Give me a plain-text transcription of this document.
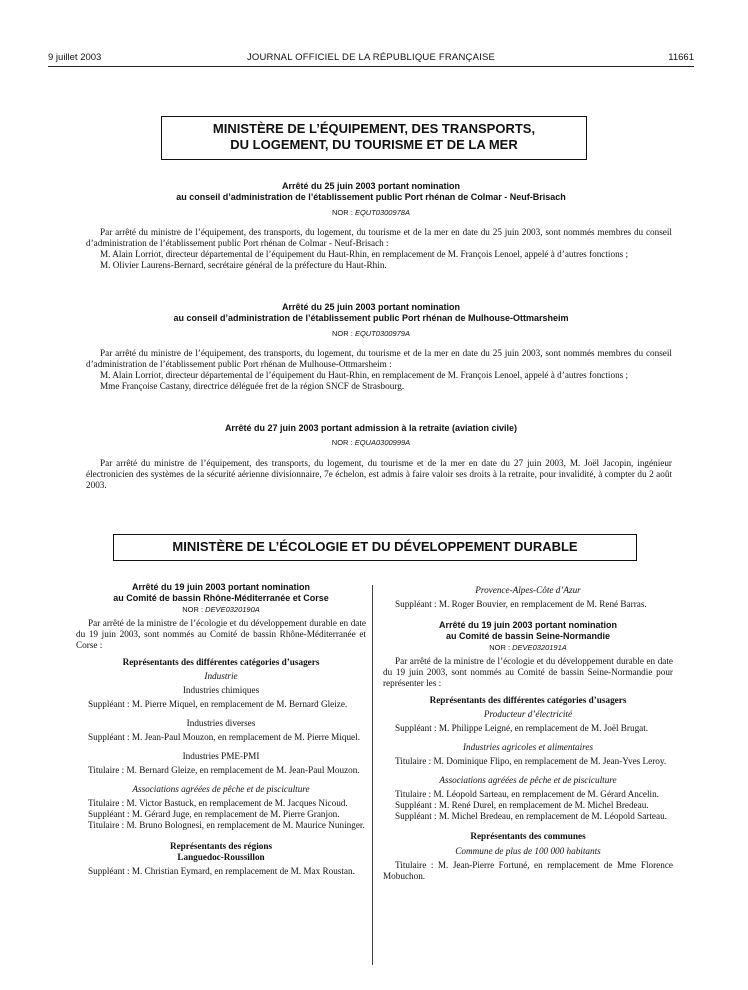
9 juillet 2003	JOURNAL OFFICIEL DE LA RÉPUBLIQUE FRANÇAISE	11661
MINISTÈRE DE L’ÉQUIPEMENT, DES TRANSPORTS,
DU LOGEMENT, DU TOURISME ET DE LA MER
Arrêté du 25 juin 2003 portant nomination
au conseil d’administration de l’établissement public Port rhénan de Colmar - Neuf-Brisach
NOR : EQUT0300978A

Par arrêté du ministre de l’équipement, des transports, du logement, du tourisme et de la mer en date du 25 juin 2003, sont nommés membres du conseil d’administration de l’établissement public Port rhénan de Colmar - Neuf-Brisach :

M. Alain Lorriot, directeur départemental de l’équipement du Haut-Rhin, en remplacement de M. François Lenoel, appelé à d’autres fonctions ;

M. Olivier Laurens-Bernard, secrétaire général de la préfecture du Haut-Rhin.

Arrêté du 25 juin 2003 portant nomination
au conseil d’administration de l’établissement public Port rhénan de Mulhouse-Ottmarsheim
NOR : EQUT0300979A

Par arrêté du ministre de l’équipement, des transports, du logement, du tourisme et de la mer en date du 25 juin 2003, sont nommés membres du conseil d’administration de l’établissement public Port rhénan de Mulhouse-Ottmarsheim :

M. Alain Lorriot, directeur départemental de l’équipement du Haut-Rhin, en remplacement de M. François Lenoel, appelé à d’autres fonctions ;

Mme Françoise Castany, directrice déléguée fret de la région SNCF de Strasbourg.

Arrêté du 27 juin 2003 portant admission à la retraite (aviation civile)
NOR : EQUA0300999A

Par arrêté du ministre de l’équipement, des transports, du logement, du tourisme et de la mer en date du 27 juin 2003, M. Joël Jacopin, ingénieur électronicien des systèmes de la sécurité aérienne divisionnaire, 7e échelon, est admis à faire valoir ses droits à la retraite, pour invalidité, à compter du 2 août 2003.

MINISTÈRE DE L’ÉCOLOGIE ET DU DÉVELOPPEMENT DURABLE
Arrêté du 19 juin 2003 portant nomination
au Comité de bassin Rhône-Méditerranée et Corse
NOR : DEVE0320190A

Par arrêté de la ministre de l’écologie et du développement durable en date du 19 juin 2003, sont nommés au Comité de bassin Rhône-Méditerranée et Corse :

Représentants des différentes catégories d’usagers
Industrie
Industries chimiques

Suppléant : M. Pierre Miquel, en remplacement de M. Bernard Gleize.

Industries diverses

Suppléant : M. Jean-Paul Mouzon, en remplacement de M. Pierre Miquel.

Industries PME-PMI

Titulaire : M. Bernard Gleize, en remplacement de M. Jean-Paul Mouzon.

Associations agréées de pêche et de pisciculture

Titulaire : M. Victor Bastuck, en remplacement de M. Jacques Nicoud.

Suppléant : M. Gérard Juge, en remplacement de M. Pierre Granjon.

Titulaire : M. Bruno Bolognesi, en remplacement de M. Maurice Nuninger.

Représentants des régions
Languedoc-Roussillon

Suppléant : M. Christian Eymard, en remplacement de M. Max Roustan.

Provence-Alpes-Côte d’Azur

Suppléant : M. Roger Bouvier, en remplacement de M. René Barras.

Arrêté du 19 juin 2003 portant nomination
au Comité de bassin Seine-Normandie
NOR : DEVE0320191A

Par arrêté de la ministre de l’écologie et du développement durable en date du 19 juin 2003, sont nommés au Comité de bassin Seine-Normandie pour représenter les :

Représentants des différentes catégories d’usagers
Producteur d’électricité

Suppléant : M. Philippe Leigné, en remplacement de M. Joël Brugat.

Industries agricoles et alimentaires

Titulaire : M. Dominique Flipo, en remplacement de M. Jean-Yves Leroy.

Associations agréées de pêche et de pisciculture

Titulaire : M. Léopold Sarteau, en remplacement de M. Gérard Ancelin.

Suppléant : M. René Durel, en remplacement de M. Michel Bredeau.

Suppléant : M. Michel Bredeau, en remplacement de M. Léopold Sarteau.

Représentants des communes
Commune de plus de 100 000 habitants

Titulaire : M. Jean-Pierre Fortuné, en remplacement de Mme Florence Mobuchon.
